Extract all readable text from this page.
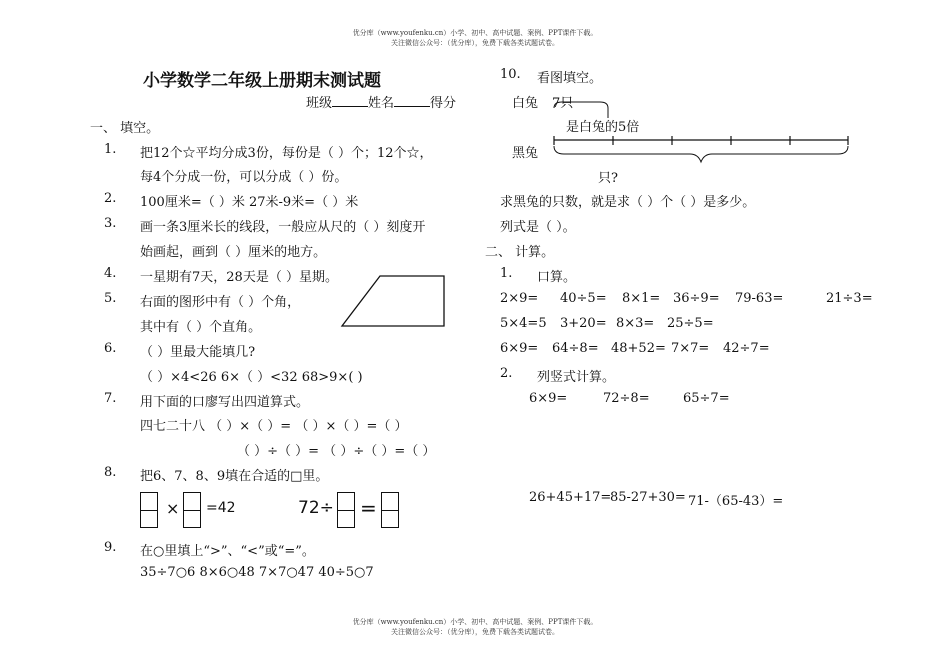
优分库（www.youfenku.cn）小学、初中、高中试题、案例、PPT课件下载。
关注微信公众号：（优分库），免费下载各类试题试卷。
小学数学二年级上册期末测试题
班级	姓名	得分
一、 填空。
1. 把12个☆平均分成3份，每份是（ ）个；12个☆，
每4个分成一份，可以分成（ ）份。
2. 100厘米=（ ）米 27米-9米=（ ）米
3. 画一条3厘米长的线段，一般应从尺的（ ）刻度开
始画起，画到（ ）厘米的地方。
4. 一星期有7天，28天是（ ）星期。
5. 右面的图形中有（ ）个角，
其中有（ ）个直角。
6. （ ）里最大能填几?
（ ）×4<26 6×（ ）<32 68>9×( )
7. 用下面的口廖写出四道算式。
四七二十八 （ ）×（ ）= （ ）×（ ）=（ ）
（ ）÷（ ）= （ ）÷（ ）=（ ）
8. 把6、7、8、9填在合适的□里。
× =42	72÷ =
9. 在○里填上“>”、“<”或“=”。
35÷7○6 8×6○48 7×7○47 40÷5○7
10. 看图填空。
白兔 7只
是白兔的5倍
黑兔
只?
求黑兔的只数，就是求（ ）个（ ）是多少。
列式是（ ）。
二、 计算。
1. 口算。
2×9= 40÷5= 8×1= 36÷9= 79-63=	21÷3=
5×4=5 3+20= 8×3= 25÷5=
6×9= 64÷8= 48+52= 7×7= 42÷7=
2. 列竖式计算。
6×9=	72÷8=	65÷7=
26+45+17=
85-27+30= 71-（65-43）=
优分库（www.youfenku.cn）小学、初中、高中试题、案例、PPT课件下载。
关注微信公众号：（优分库），免费下载各类试题试卷。
